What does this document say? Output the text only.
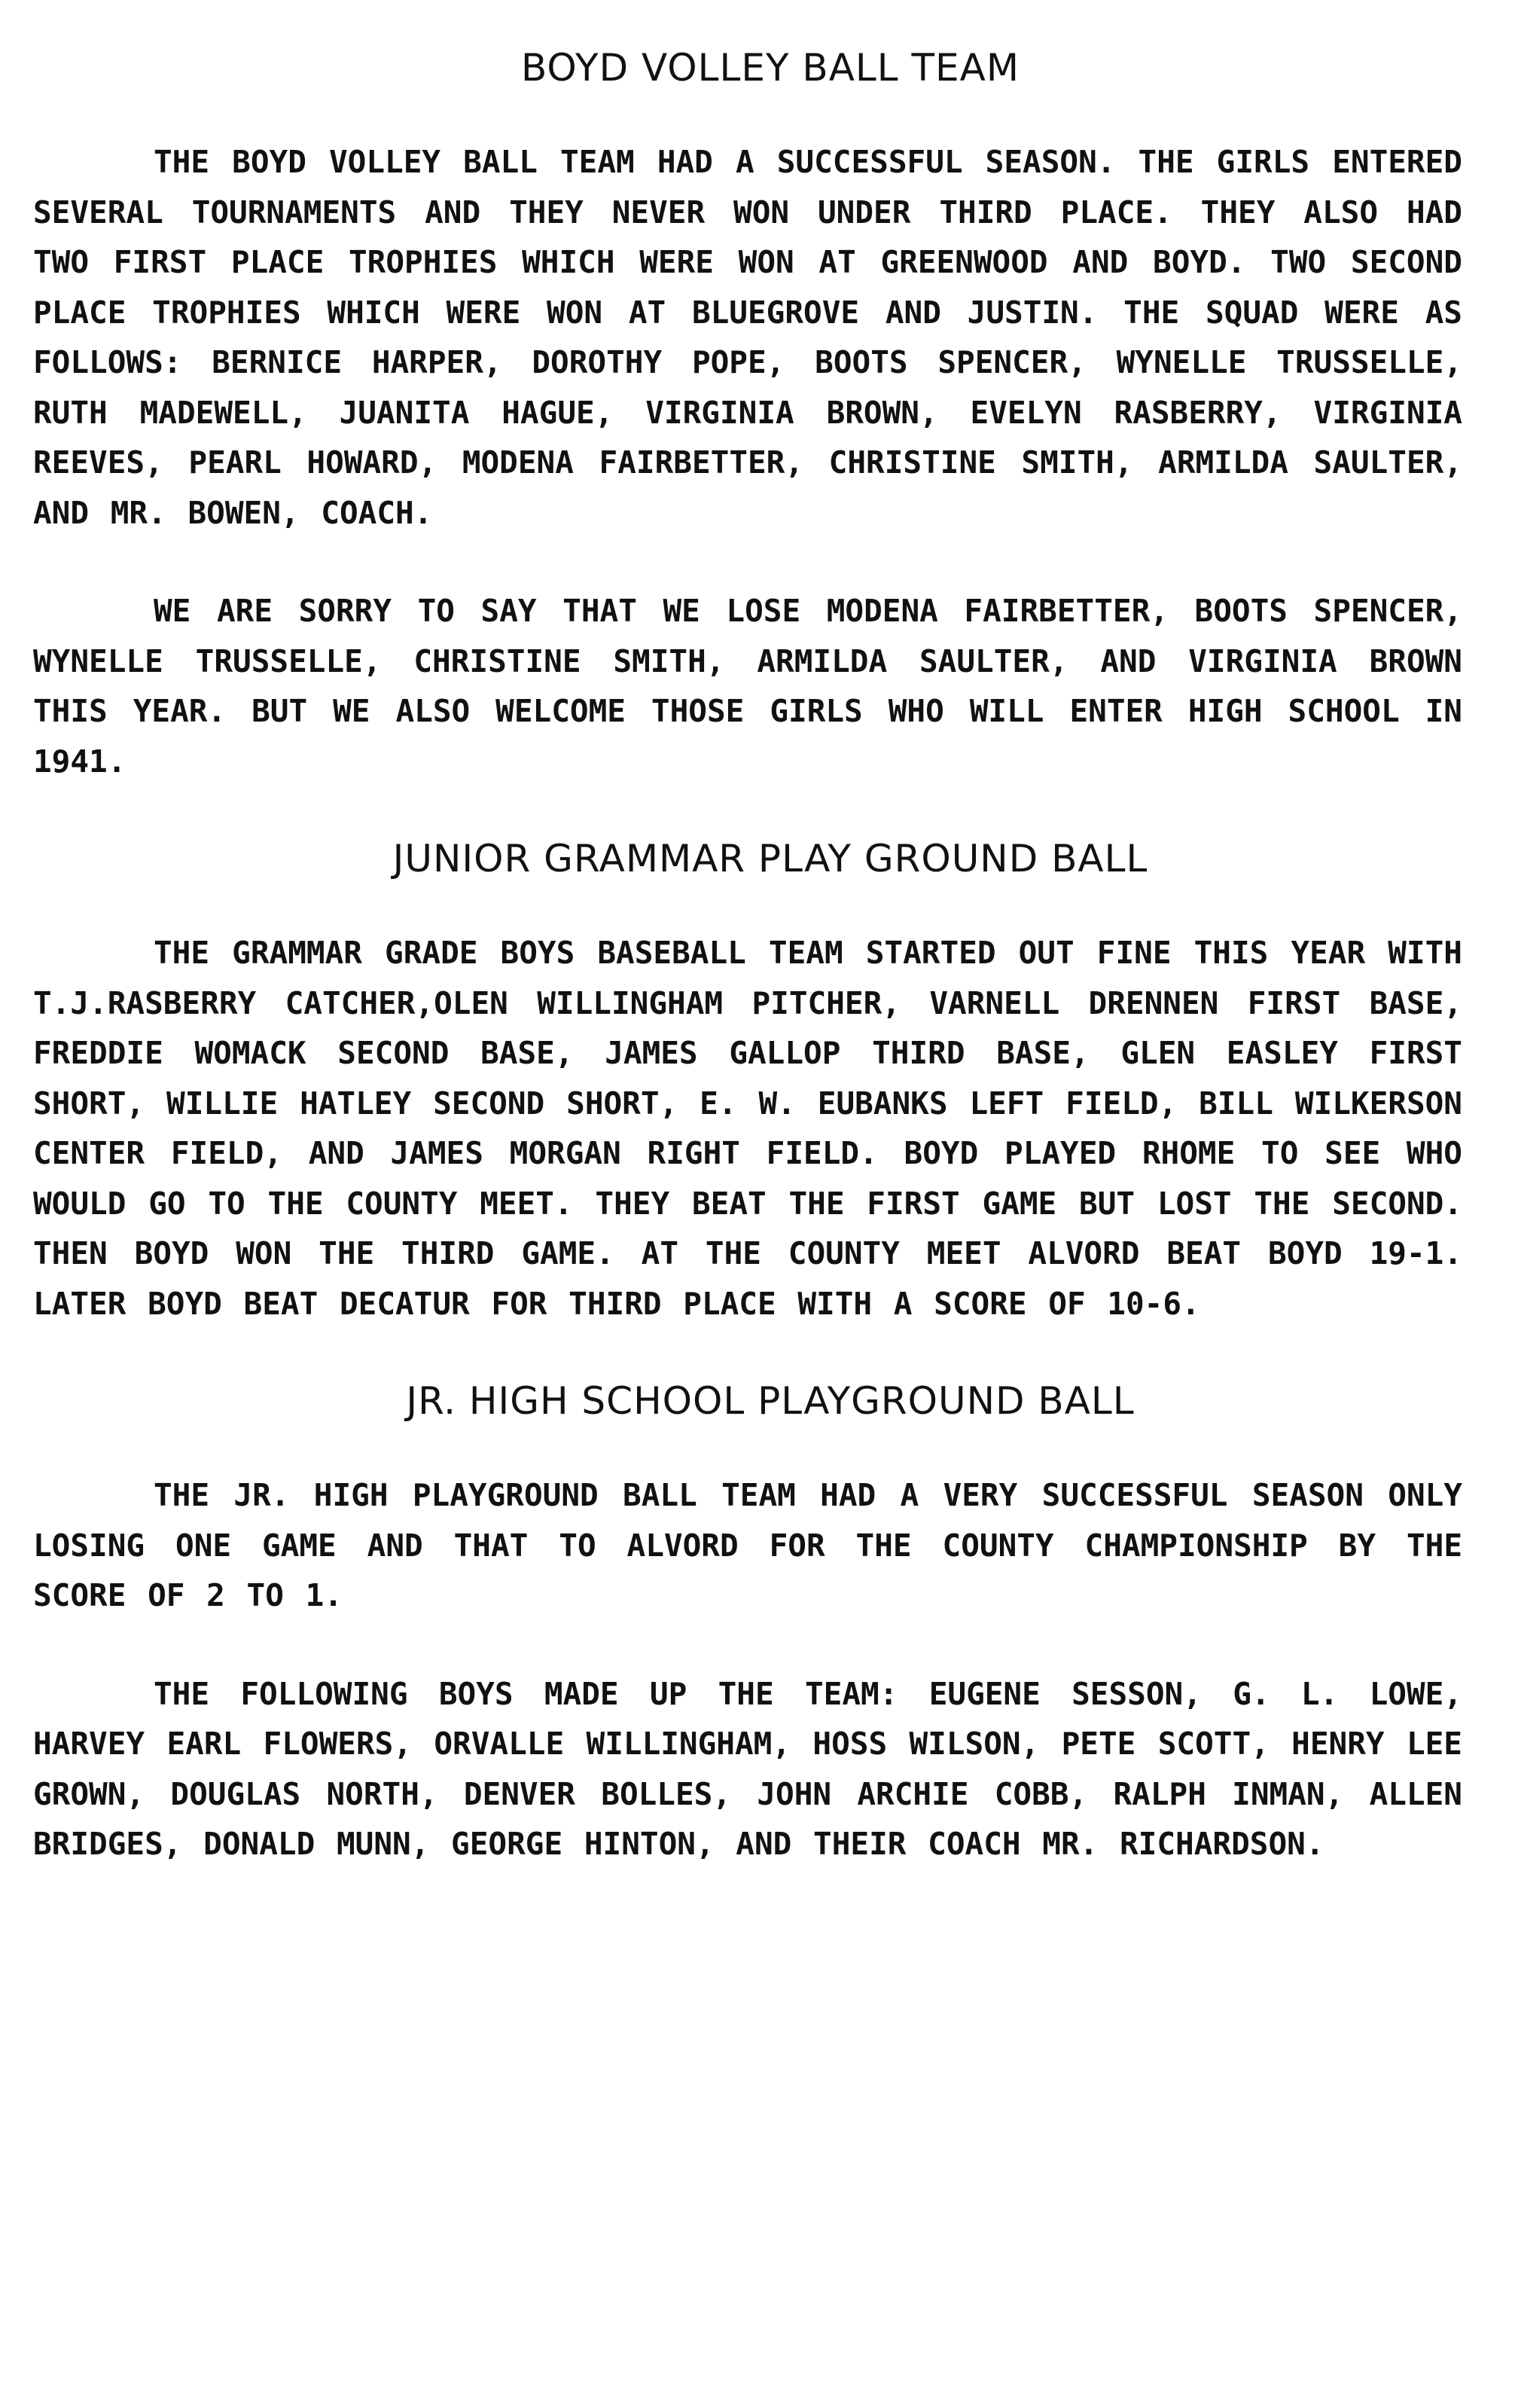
BOYD VOLLEY BALL TEAM

THE BOYD VOLLEY BALL TEAM HAD A SUCCESSFUL SEASON. THE GIRLS ENTERED SEVERAL TOURNAMENTS AND THEY NEVER WON UNDER THIRD PLACE. THEY ALSO HAD TWO FIRST PLACE TROPHIES WHICH WERE WON AT GREENWOOD AND BOYD. TWO SECOND PLACE TROPHIES WHICH WERE WON AT BLUEGROVE AND JUSTIN. THE SQUAD WERE AS FOLLOWS: BERNICE HARPER, DOROTHY POPE, BOOTS SPENCER, WYNELLE TRUSSELLE, RUTH MADEWELL, JUANITA HAGUE, VIRGINIA BROWN, EVELYN RASBERRY, VIRGINIA REEVES, PEARL HOWARD, MODENA FAIRBETTER, CHRISTINE SMITH, ARMILDA SAULTER, AND MR. BOWEN, COACH.

WE ARE SORRY TO SAY THAT WE LOSE MODENA FAIRBETTER, BOOTS SPENCER, WYNELLE TRUSSELLE, CHRISTINE SMITH, ARMILDA SAULTER, AND VIRGINIA BROWN THIS YEAR. BUT WE ALSO WELCOME THOSE GIRLS WHO WILL ENTER HIGH SCHOOL IN 1941.

JUNIOR GRAMMAR PLAY GROUND BALL

THE GRAMMAR GRADE BOYS BASEBALL TEAM STARTED OUT FINE THIS YEAR WITH T.J.RASBERRY CATCHER,OLEN WILLINGHAM PITCHER, VARNELL DRENNEN FIRST BASE, FREDDIE WOMACK SECOND BASE, JAMES GALLOP THIRD BASE, GLEN EASLEY FIRST SHORT, WILLIE HATLEY SECOND SHORT, E. W. EUBANKS LEFT FIELD, BILL WILKERSON CENTER FIELD, AND JAMES MORGAN RIGHT FIELD. BOYD PLAYED RHOME TO SEE WHO WOULD GO TO THE COUNTY MEET. THEY BEAT THE FIRST GAME BUT LOST THE SECOND. THEN BOYD WON THE THIRD GAME. AT THE COUNTY MEET ALVORD BEAT BOYD 19-1. LATER BOYD BEAT DECATUR FOR THIRD PLACE WITH A SCORE OF 10-6.

JR. HIGH SCHOOL PLAYGROUND BALL

THE JR. HIGH PLAYGROUND BALL TEAM HAD A VERY SUCCESSFUL SEASON ONLY LOSING ONE GAME AND THAT TO ALVORD FOR THE COUNTY CHAMPIONSHIP BY THE SCORE OF 2 TO 1.

THE FOLLOWING BOYS MADE UP THE TEAM: EUGENE SESSON, G. L. LOWE, HARVEY EARL FLOWERS, ORVALLE WILLINGHAM, HOSS WILSON, PETE SCOTT, HENRY LEE GROWN, DOUGLAS NORTH, DENVER BOLLES, JOHN ARCHIE COBB, RALPH INMAN, ALLEN BRIDGES, DONALD MUNN, GEORGE HINTON, AND THEIR COACH MR. RICHARDSON.
